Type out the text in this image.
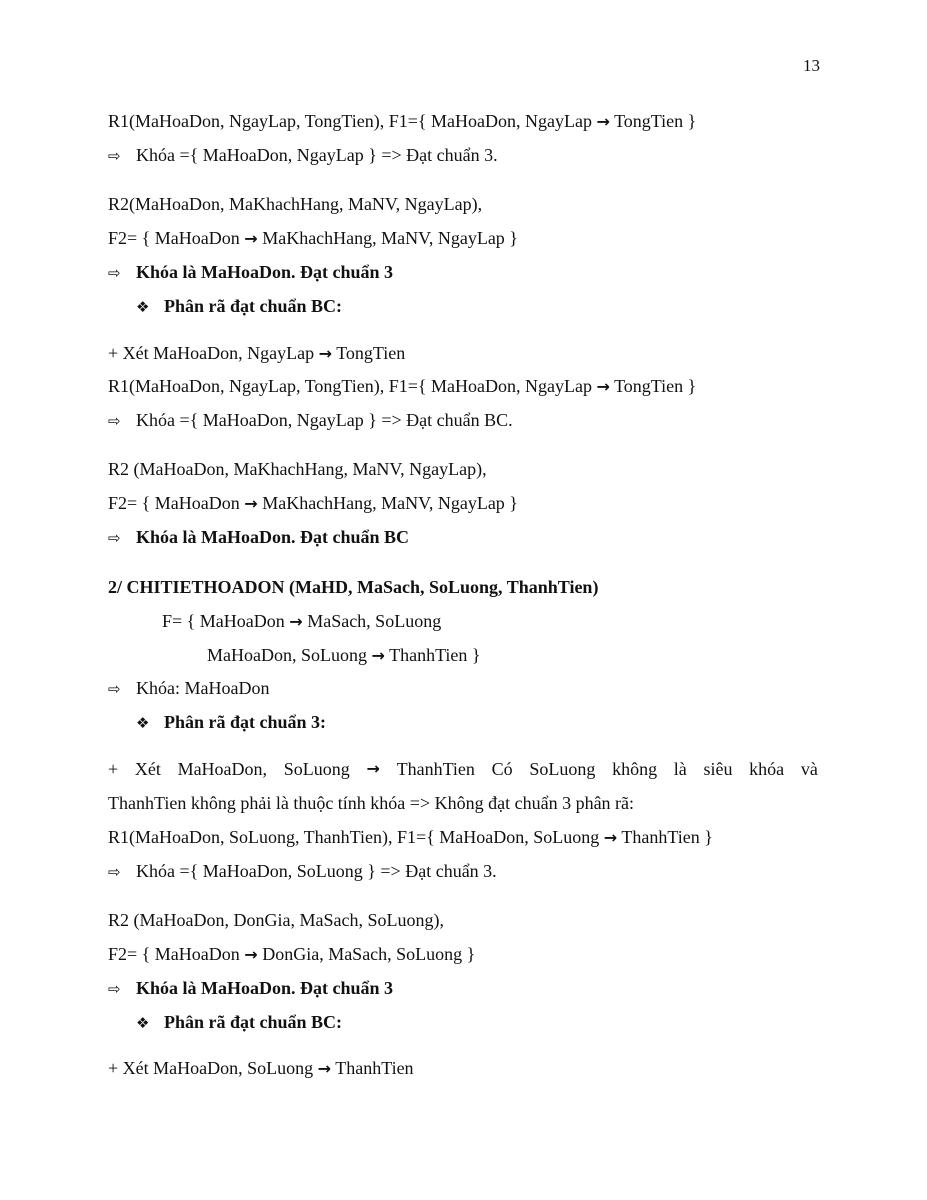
13
R1(MaHoaDon, NgayLap, TongTien), F1={ MaHoaDon, NgayLap → TongTien }
⇨ Khóa ={ MaHoaDon, NgayLap } => Đạt chuẩn 3.
R2(MaHoaDon, MaKhachHang, MaNV, NgayLap),
F2= { MaHoaDon → MaKhachHang, MaNV, NgayLap }
⇨ Khóa là MaHoaDon. Đạt chuẩn 3
❖ Phân rã đạt chuẩn BC:
+ Xét MaHoaDon, NgayLap → TongTien
R1(MaHoaDon, NgayLap, TongTien), F1={ MaHoaDon, NgayLap → TongTien }
⇨ Khóa ={ MaHoaDon, NgayLap } => Đạt chuẩn BC.
R2 (MaHoaDon, MaKhachHang, MaNV, NgayLap),
F2= { MaHoaDon → MaKhachHang, MaNV, NgayLap }
⇨ Khóa là MaHoaDon. Đạt chuẩn BC
2/ CHITIETHOADON (MaHD, MaSach, SoLuong, ThanhTien)
F= { MaHoaDon → MaSach, SoLuong
MaHoaDon, SoLuong → ThanhTien }
⇨ Khóa: MaHoaDon
❖ Phân rã đạt chuẩn 3:
+ Xét MaHoaDon, SoLuong → ThanhTien Có SoLuong không là siêu khóa và
ThanhTien không phải là thuộc tính khóa => Không đạt chuẩn 3 phân rã:
R1(MaHoaDon, SoLuong, ThanhTien), F1={ MaHoaDon, SoLuong → ThanhTien }
⇨ Khóa ={ MaHoaDon, SoLuong } => Đạt chuẩn 3.
R2 (MaHoaDon, DonGia, MaSach, SoLuong),
F2= { MaHoaDon → DonGia, MaSach, SoLuong }
⇨ Khóa là MaHoaDon. Đạt chuẩn 3
❖ Phân rã đạt chuẩn BC:
+ Xét MaHoaDon, SoLuong → ThanhTien
